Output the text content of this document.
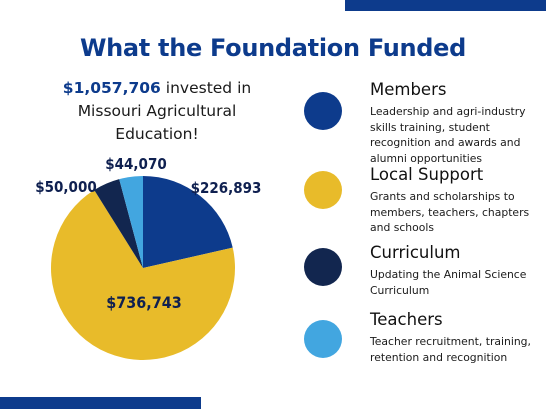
What the Foundation Funded
$1,057,706 invested in Missouri Agricultural Education!
$226,893
$736,743
$50,000
$44,070
Members
Leadership and agri-industry skills training, student recognition and awards and alumni opportunities
Local Support
Grants and scholarships to members, teachers, chapters and schools
Curriculum
Updating the Animal Science Curriculum
Teachers
Teacher recruitment, training, retention and recognition
